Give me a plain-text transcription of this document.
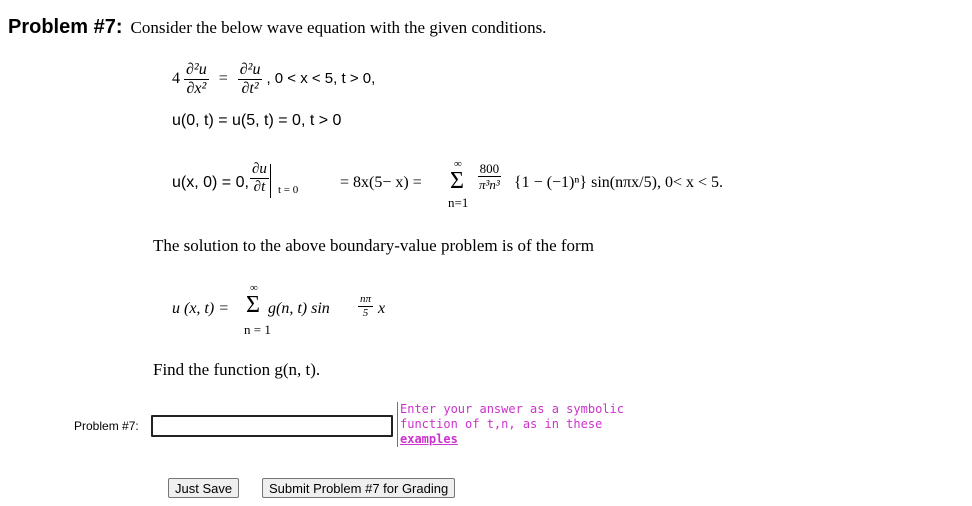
Problem #7: Consider the below wave equation with the given conditions.
$4 \frac{\text{∂²u}}{\text{∂x²}} = \frac{\text{∂²u}}{\text{∂t²}}$ , 0 < x < 5, t > 0,
u(0, t) = u(5, t) = 0, t > 0
u(x, 0) = 0, $\frac{\partial u}{\partial t}$ t = 0	= 8x(5− x) =
∞
Σ
n=1
$\frac{800}{\text{π³n³}} \{1 - (-1)^n\}$ sin(nπx/5), 0< x < 5.
The solution to the above boundary-value problem is of the form
u (x, t) =
∞
Σ
n = 1
g(n, t) sin	$\frac{n\pi}{5}$ x
Find the function g(n, t).
Problem #7:
Enter your answer as a symbolic
function of t,n, as in these
examples
Just Save	Submit Problem #7 for Grading
